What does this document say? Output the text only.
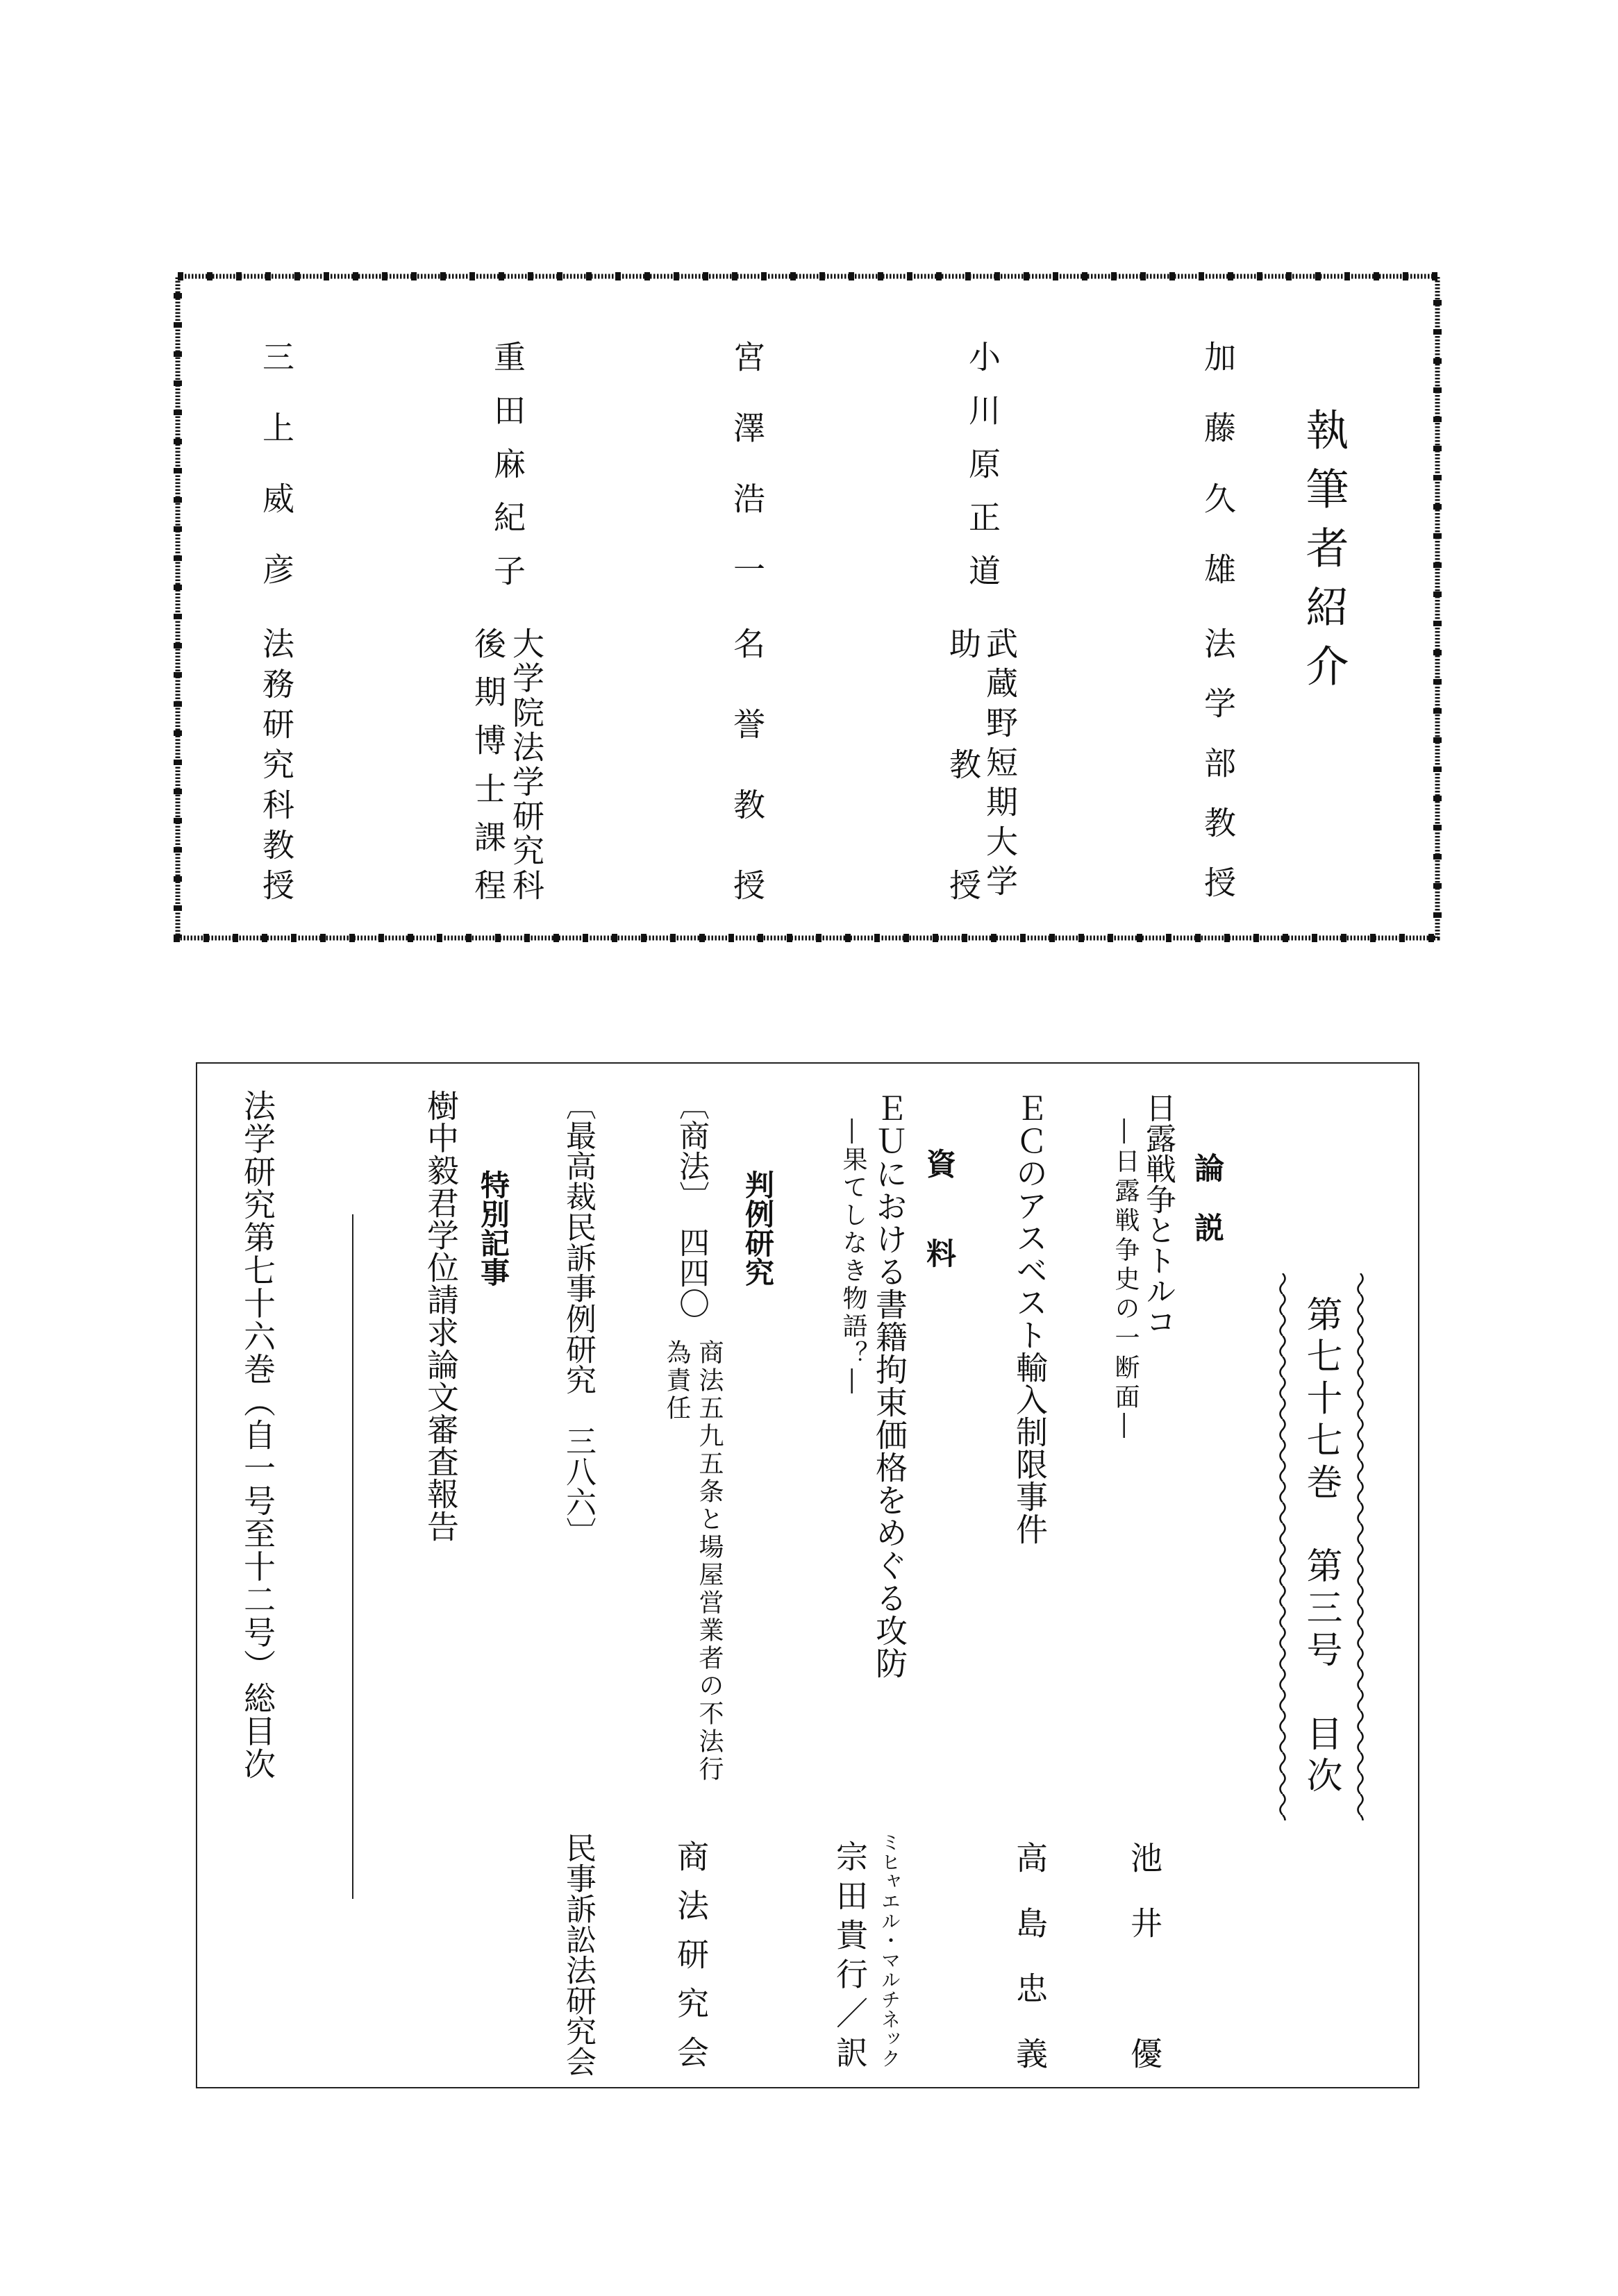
執筆者紹介
加藤久雄
法学部教授
小川原正道
武蔵野短期大学
助教授
宮澤浩一
名誉教授
重田麻紀子
大学院法学研究科
後期博士課程
三上威彦
法務研究科教授
第七十七巻　第三号　目次
論　説
日露戦争とトルコ
―日露戦争史の一断面―
池井　優
ＥＣのアスベスト輸入制限事件
高島忠義
資　料
ＥＵにおける書籍拘束価格をめぐる攻防
―果てしなき物語？―
ミヒャエル・マルチネック
宗田貴行／訳
判例研究
〔商法〕　四四〇
商法五九五条と場屋営業者の不法行
為責任
商法研究会
〔最高裁民訴事例研究　三八六〕
民事訴訟法研究会
特別記事
樹中毅君学位請求論文審査報告
法学研究第七十六巻（自一号至十二号）総目次
